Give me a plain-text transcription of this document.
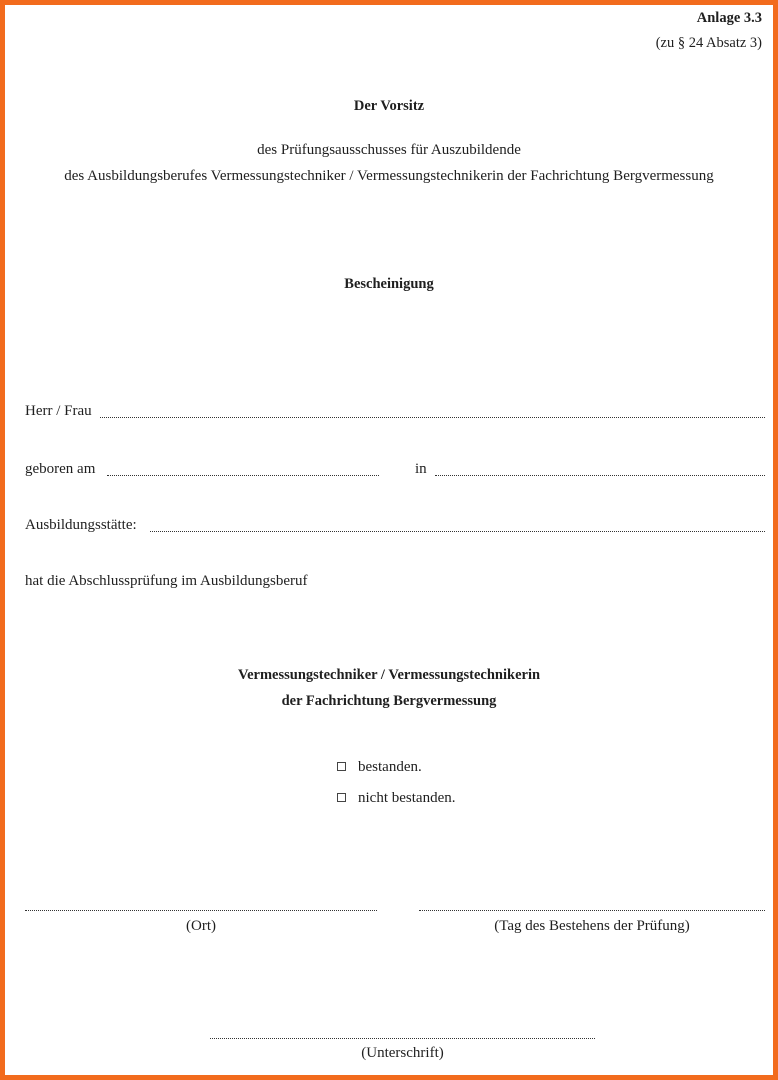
Anlage 3.3
(zu § 24 Absatz 3)
Der Vorsitz
des Prüfungsausschusses für Auszubildende
des Ausbildungsberufes Vermessungstechniker / Vermessungstechnikerin der Fachrichtung Bergvermessung
Bescheinigung
Herr / Frau
geboren am	in
Ausbildungsstätte:
hat die Abschlussprüfung im Ausbildungsberuf
Vermessungstechniker / Vermessungstechnikerin
der Fachrichtung Bergvermessung
bestanden.
nicht bestanden.
(Ort)	(Tag des Bestehens der Prüfung)
(Unterschrift)
